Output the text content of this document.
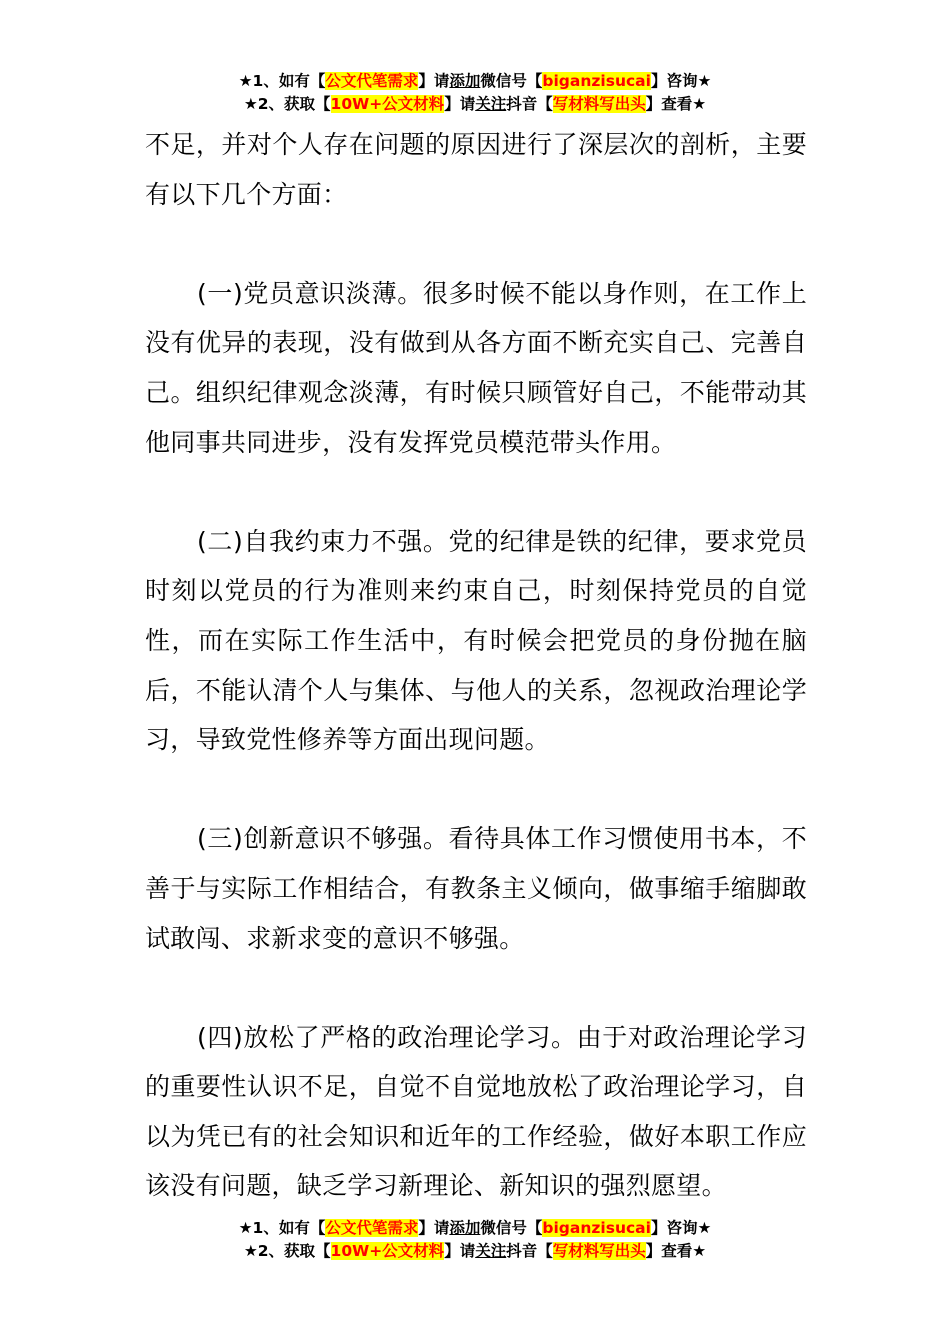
★1、如有【公文代笔需求】请添加微信号【biganzisucai】咨询★
★2、获取【10W+公文材料】请关注抖音【写材料写出头】查看★

不足，并对个人存在问题的原因进行了深层次的剖析，主要有以下几个方面：

(一)党员意识淡薄。很多时候不能以身作则，在工作上没有优异的表现，没有做到从各方面不断充实自己、完善自己。组织纪律观念淡薄，有时候只顾管好自己，不能带动其他同事共同进步，没有发挥党员模范带头作用。

(二)自我约束力不强。党的纪律是铁的纪律，要求党员时刻以党员的行为准则来约束自己，时刻保持党员的自觉性，而在实际工作生活中，有时候会把党员的身份抛在脑后，不能认清个人与集体、与他人的关系，忽视政治理论学习，导致党性修养等方面出现问题。

(三)创新意识不够强。看待具体工作习惯使用书本，不善于与实际工作相结合，有教条主义倾向，做事缩手缩脚敢试敢闯、求新求变的意识不够强。

(四)放松了严格的政治理论学习。由于对政治理论学习的重要性认识不足，自觉不自觉地放松了政治理论学习，自以为凭已有的社会知识和近年的工作经验，做好本职工作应该没有问题，缺乏学习新理论、新知识的强烈愿望。

★1、如有【公文代笔需求】请添加微信号【biganzisucai】咨询★
★2、获取【10W+公文材料】请关注抖音【写材料写出头】查看★
